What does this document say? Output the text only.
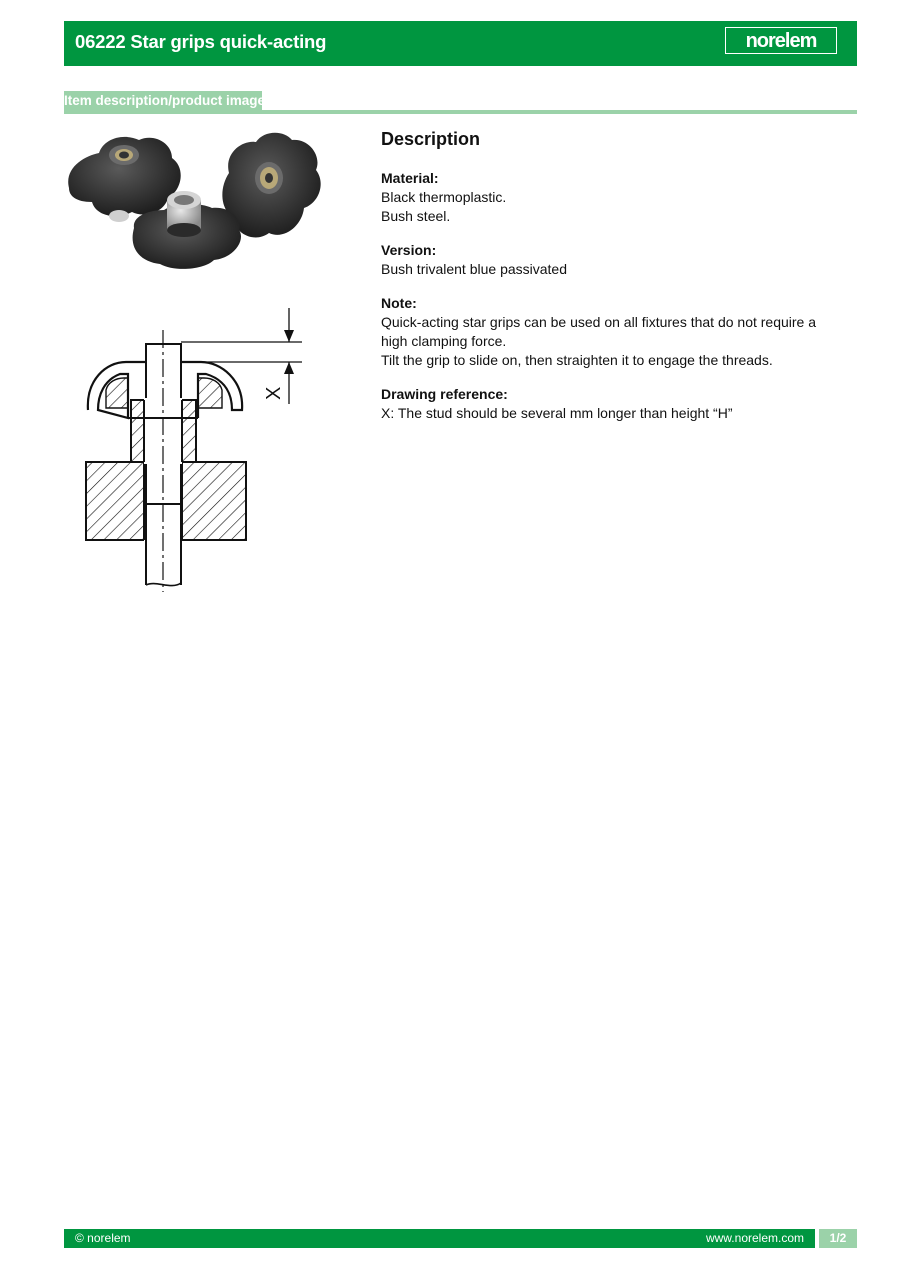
06222 Star grips quick-acting	norelem
Item description/product images
X
Description
Material:

Black thermoplastic.

Bush steel.

Version:

Bush trivalent blue passivated

Note:

Quick-acting star grips can be used on all fixtures that do not require a high clamping force.

Tilt the grip to slide on, then straighten it to engage the threads.

Drawing reference:

X: The stud should be several mm longer than height “H”

© norelem	www.norelem.com	1/2
